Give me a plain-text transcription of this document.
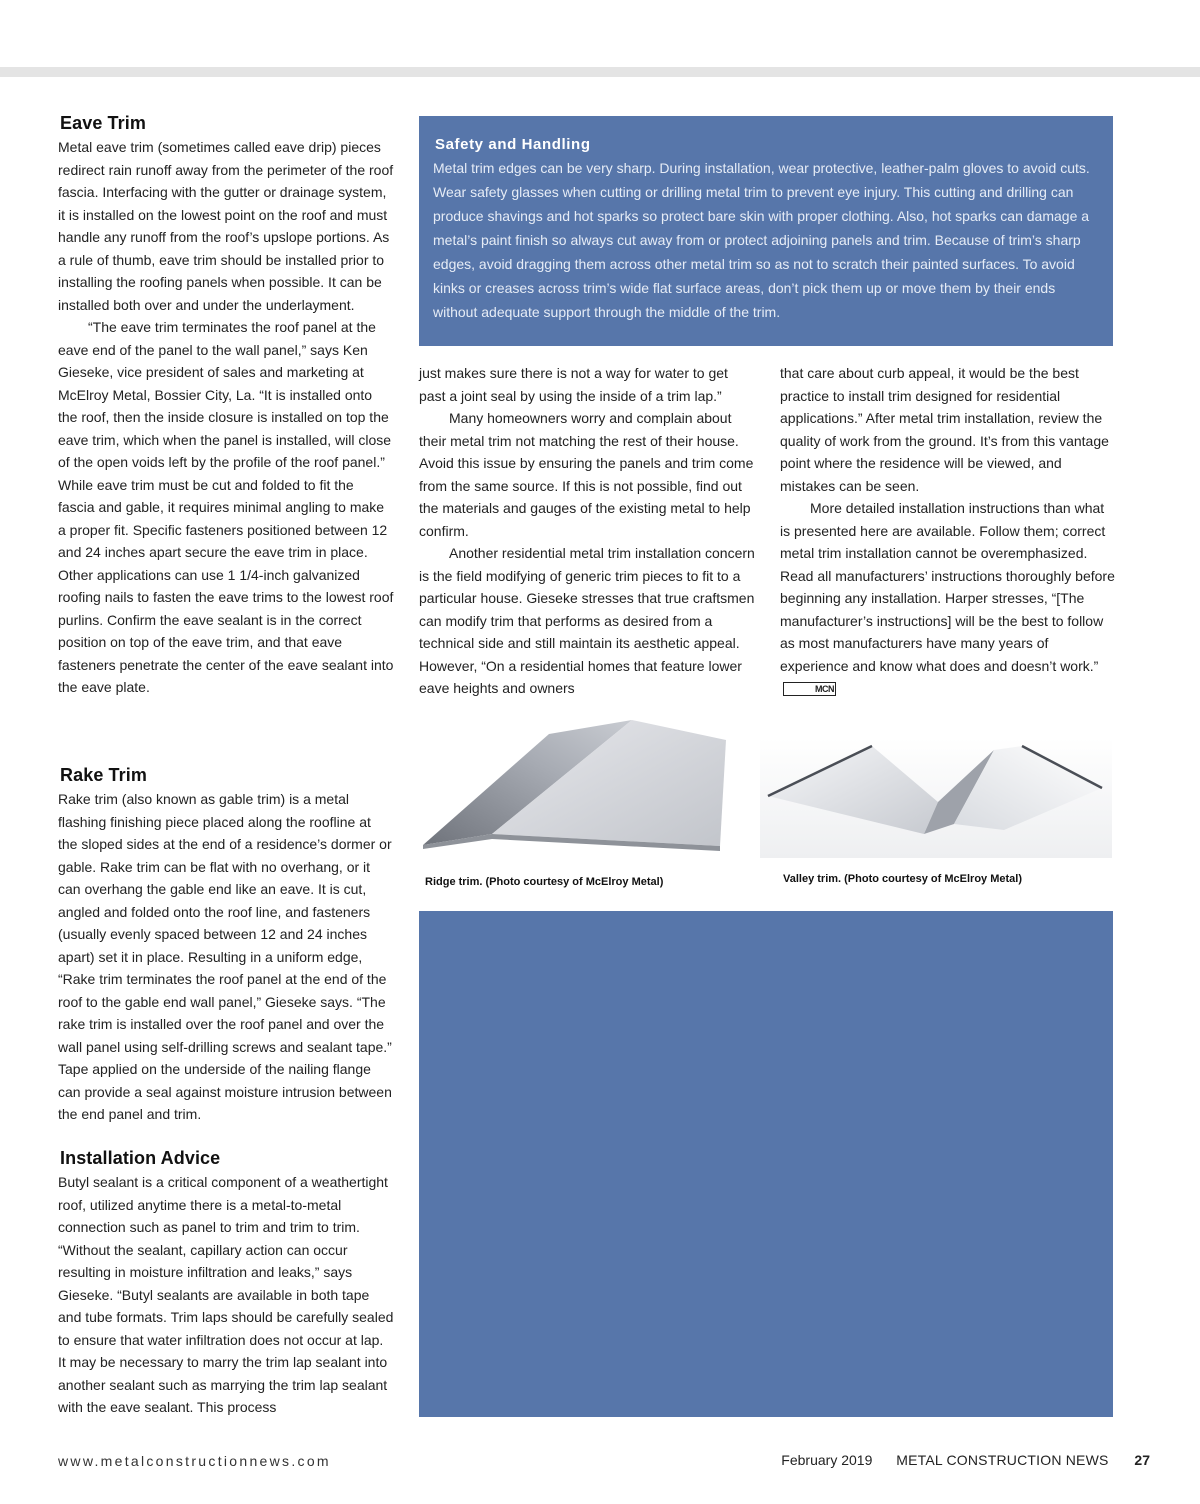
Eave Trim

Metal eave trim (sometimes called eave drip) pieces redirect rain runoff away from the perimeter of the roof fascia. Interfacing with the gutter or drainage system, it is installed on the lowest point on the roof and must handle any runoff from the roof’s upslope portions. As a rule of thumb, eave trim should be installed prior to installing the roofing panels when possible. It can be installed both over and under the underlayment.

“The eave trim terminates the roof panel at the eave end of the panel to the wall panel,” says Ken Gieseke, vice president of sales and marketing at McElroy Metal, Bossier City, La. “It is installed onto the roof, then the inside closure is installed on top the eave trim, which when the panel is installed, will close of the open voids left by the profile of the roof panel.” While eave trim must be cut and folded to fit the fascia and gable, it requires minimal angling to make a proper fit. Specific fasteners positioned between 12 and 24 inches apart secure the eave trim in place. Other applications can use 1 1/4-inch galvanized roofing nails to fasten the eave trims to the lowest roof purlins. Confirm the eave sealant is in the correct position on top of the eave trim, and that eave fasteners penetrate the center of the eave sealant into the eave plate.

Rake Trim

Rake trim (also known as gable trim) is a metal flashing finishing piece placed along the roofline at the sloped sides at the end of a residence’s dormer or gable. Rake trim can be flat with no overhang, or it can overhang the gable end like an eave. It is cut, angled and folded onto the roof line, and fasteners (usually evenly spaced between 12 and 24 inches apart) set it in place. Resulting in a uniform edge, “Rake trim terminates the roof panel at the end of the roof to the gable end wall panel,” Gieseke says. “The rake trim is installed over the roof panel and over the wall panel using self-drilling screws and sealant tape.” Tape applied on the underside of the nailing flange can provide a seal against moisture intrusion between the end panel and trim.

Installation Advice

Butyl sealant is a critical component of a weathertight roof, utilized anytime there is a metal-to-metal connection such as panel to trim and trim to trim. “Without the sealant, capillary action can occur resulting in moisture infiltration and leaks,” says Gieseke. “Butyl sealants are available in both tape and tube formats. Trim laps should be carefully sealed to ensure that water infiltration does not occur at lap. It may be necessary to marry the trim lap sealant into another sealant such as marrying the trim lap sealant with the eave sealant. This process

Safety and Handling

Metal trim edges can be very sharp. During installation, wear protective, leather-palm gloves to avoid cuts. Wear safety glasses when cutting or drilling metal trim to prevent eye injury. This cutting and drilling can produce shavings and hot sparks so protect bare skin with proper clothing. Also, hot sparks can damage a metal’s paint finish so always cut away from or protect adjoining panels and trim. Because of trim’s sharp edges, avoid dragging them across other metal trim so as not to scratch their painted surfaces. To avoid kinks or creases across trim’s wide flat surface areas, don’t pick them up or move them by their ends without adequate support through the middle of the trim.

just makes sure there is not a way for water to get past a joint seal by using the inside of a trim lap.”

Many homeowners worry and complain about their metal trim not matching the rest of their house. Avoid this issue by ensuring the panels and trim come from the same source. If this is not possible, find out the materials and gauges of the existing metal to help confirm.

Another residential metal trim installation concern is the field modifying of generic trim pieces to fit to a particular house. Gieseke stresses that true craftsmen can modify trim that performs as desired from a technical side and still maintain its aesthetic appeal. However, “On a residential homes that feature lower eave heights and owners

that care about curb appeal, it would be the best practice to install trim designed for residential applications.” After metal trim installation, review the quality of work from the ground. It’s from this vantage point where the residence will be viewed, and mistakes can be seen.

More detailed installation instructions than what is presented here are available. Follow them; correct metal trim installation cannot be overemphasized. Read all manufacturers’ instructions thoroughly before beginning any installation. Harper stresses, “[The manufacturer’s instructions] will be the best to follow as most manufacturers have many years of experience and know what does and doesn’t work.”MCN

Ridge trim. (Photo courtesy of McElroy Metal)	Valley trim. (Photo courtesy of McElroy Metal)

www.metalconstructionnews.com	February 2019 METAL CONSTRUCTION NEWS 27
